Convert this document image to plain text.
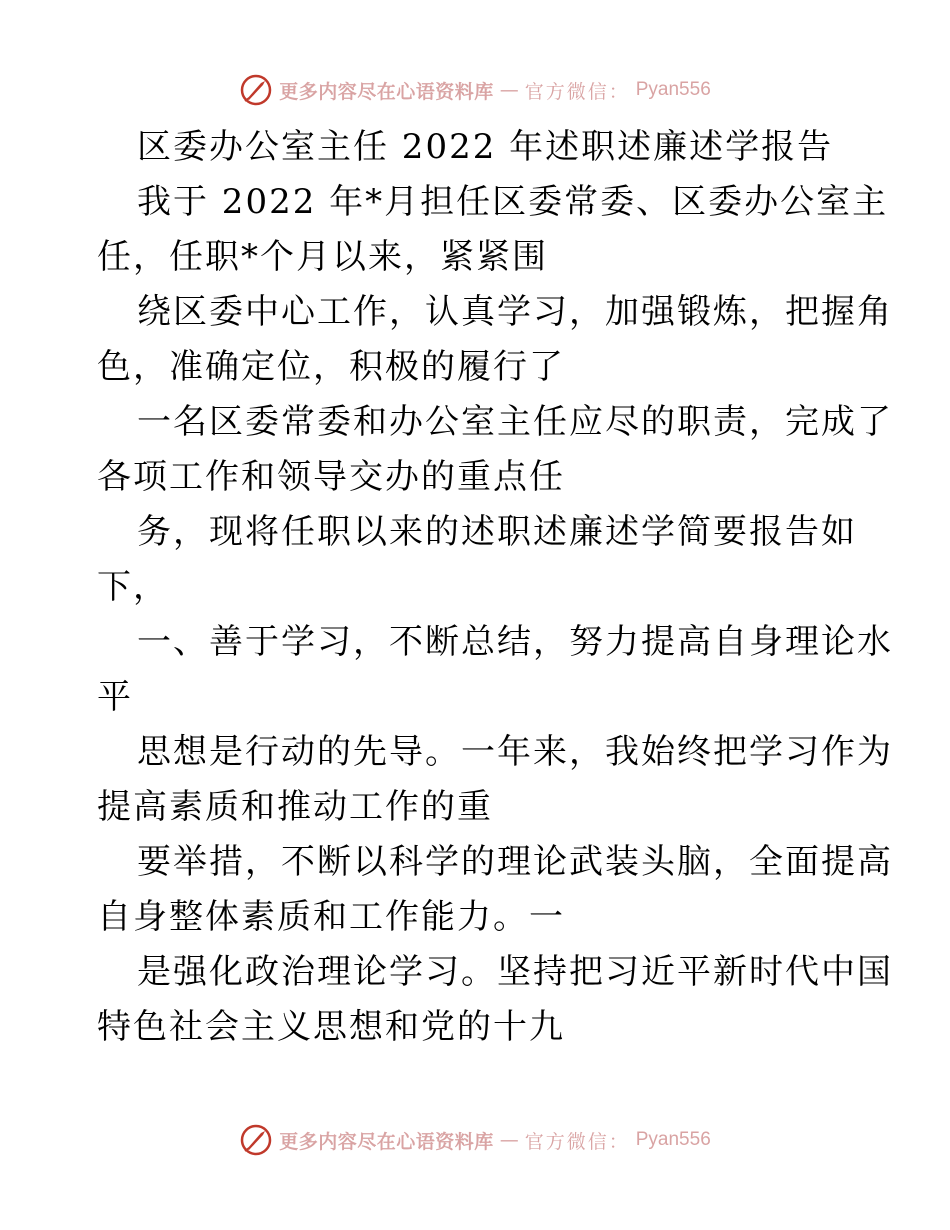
更多内容尽在心语资料库 — 官方微信： Pyan556
区委办公室主任 2022 年述职述廉述学报告
我于 2022 年*月担任区委常委、区委办公室主
任，任职*个月以来，紧紧围
绕区委中心工作，认真学习，加强锻炼，把握角
色，准确定位，积极的履行了
一名区委常委和办公室主任应尽的职责，完成了
各项工作和领导交办的重点任
务，现将任职以来的述职述廉述学简要报告如
下，
一、善于学习，不断总结，努力提高自身理论水
平
思想是行动的先导。一年来，我始终把学习作为
提高素质和推动工作的重
要举措，不断以科学的理论武装头脑，全面提高
自身整体素质和工作能力。一
是强化政治理论学习。坚持把习近平新时代中国
特色社会主义思想和党的十九
更多内容尽在心语资料库 — 官方微信： Pyan556
